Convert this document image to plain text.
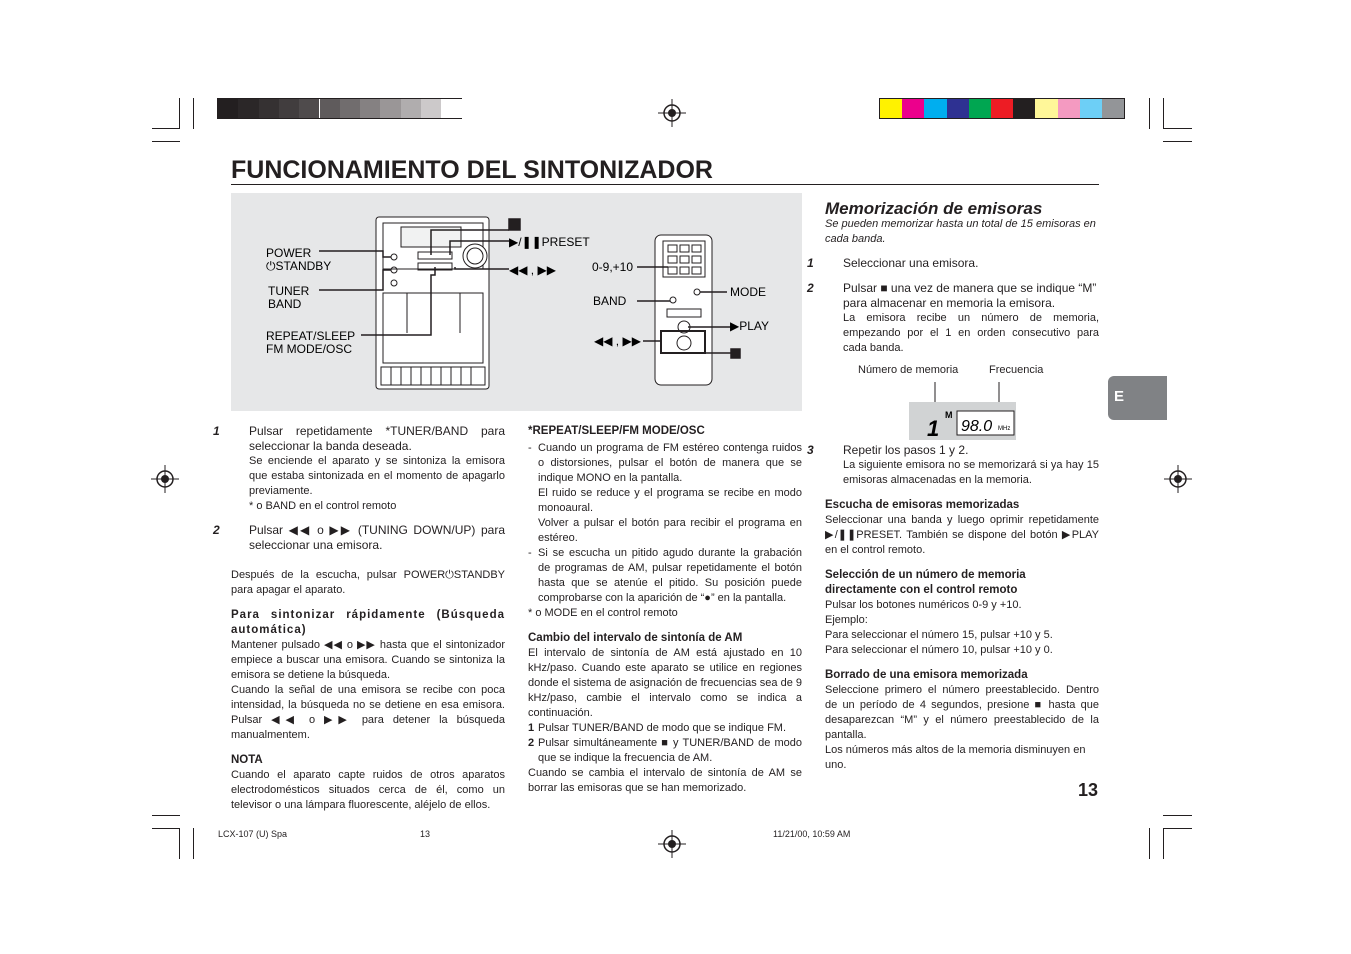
FUNCIONAMIENTO DEL SINTONIZADOR
POWER
⏻STANDBY
TUNER
BAND
REPEAT/SLEEP
FM MODE/OSC
▶/❚❚PRESET
◀◀ , ▶▶	0-9,+10
BAND
MODE
▶PLAY
◀◀ , ▶▶

1 Pulsar repetidamente *TUNER/BAND para seleccionar la banda deseada.

Se enciende el aparato y se sintoniza la emisora que estaba sintonizada en el momento de apagarlo previamente.

* o BAND en el control remoto

2 Pulsar ◀◀ o ▶▶ (TUNING DOWN/UP) para seleccionar una emisora.

Después de la escucha, pulsar POWER⏻STANDBY para apagar el aparato.

Para sintonizar rápidamente (Búsqueda automática)

Mantener pulsado ◀◀ o ▶▶ hasta que el sintonizador empiece a buscar una emisora. Cuando se sintoniza la emisora se detiene la búsqueda.

Cuando la señal de una emisora se recibe con poca intensidad, la búsqueda no se detiene en esa emisora. Pulsar ◀◀ o ▶▶ para detener la búsqueda manualmentem.

NOTA

Cuando el aparato capte ruidos de otros aparatos electrodomésticos situados cerca de él, como un televisor o una lámpara fluorescente, aléjelo de ellos.

*REPEAT/SLEEP/FM MODE/OSC

- Cuando un programa de FM estéreo contenga ruidos o distorsiones, pulsar el botón de manera que se indique MONO en la pantalla.

El ruido se reduce y el programa se recibe en modo monoaural.

Volver a pulsar el botón para recibir el programa en estéreo.

- Si se escucha un pitido agudo durante la grabación de programas de AM, pulsar repetidamente el botón hasta que se atenúe el pitido. Su posición puede comprobarse con la aparición de “●” en la pantalla.

* o MODE en el control remoto

Cambio del intervalo de sintonía de AM

El intervalo de sintonía de AM está ajustado en 10 kHz/paso. Cuando este aparato se utilice en regiones donde el sistema de asignación de frecuencias sea de 9 kHz/paso, cambie el intervalo como se indica a continuación.

1 Pulsar TUNER/BAND de modo que se indique FM.
2 Pulsar simultáneamente ■ y TUNER/BAND de modo que se indique la frecuencia de AM.

Cuando se cambia el intervalo de sintonía de AM se borrar las emisoras que se han memorizado.

Memorización de emisoras

Se pueden memorizar hasta un total de 15 emisoras en cada banda.

1 Seleccionar una emisora.

2 Pulsar ■ una vez de manera que se indique “M” para almacenar en memoria la emisora.

La emisora recibe un número de memoria, empezando por el 1 en orden consecutivo para cada banda.

Número de memoria	Frecuencia
1
M
98.0 MHz

3 Repetir los pasos 1 y 2.

La siguiente emisora no se memorizará si ya hay 15 emisoras almacenadas en la memoria.

Escucha de emisoras memorizadas

Seleccionar una banda y luego oprimir repetidamente ▶/❚❚PRESET. También se dispone del botón ▶PLAY en el control remoto.

Selección de un número de memoria directamente con el control remoto

Pulsar los botones numéricos 0-9 y +10.

Ejemplo:

Para seleccionar el número 15, pulsar +10 y 5.

Para seleccionar el número 10, pulsar +10 y 0.

Borrado de una emisora memorizada

Seleccione primero el número preestablecido. Dentro de un período de 4 segundos, presione ■ hasta que desaparezcan “M” y el número preestablecido de la pantalla.

Los números más altos de la memoria disminuyen en uno.

E
13
LCX-107 (U) Spa	13	11/21/00, 10:59 AM
